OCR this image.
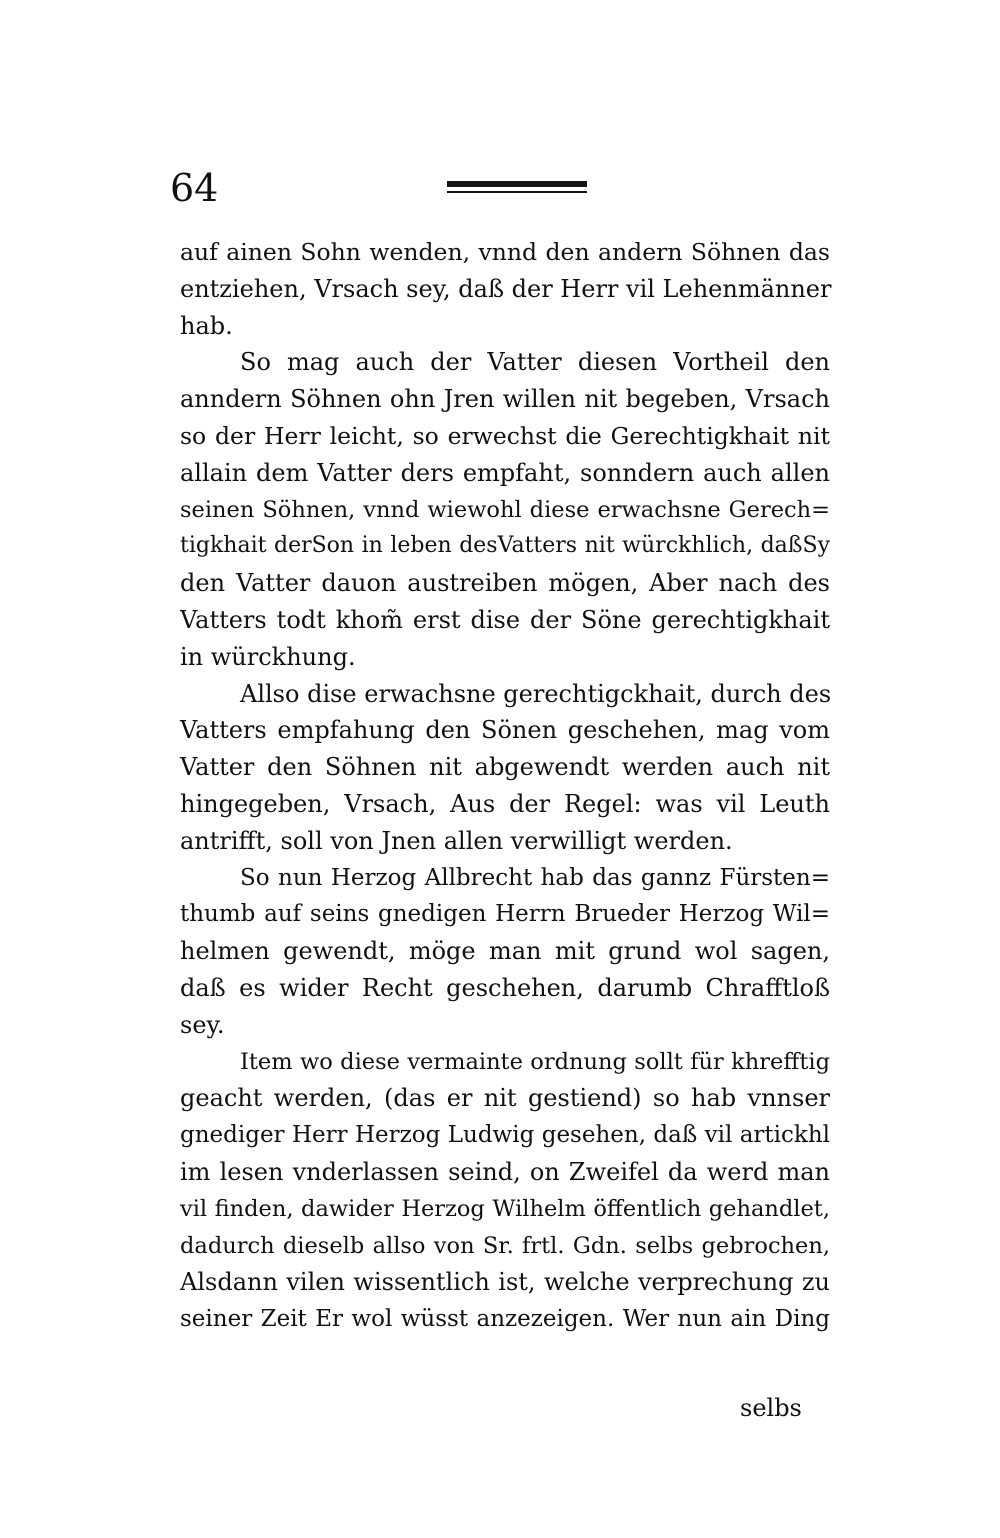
64
auf ainen Sohn wenden, vnnd den andern Söhnen das
entziehen, Vrsach sey, daß der Herr vil Lehenmänner
hab.
So mag auch der Vatter diesen Vortheil den
anndern Söhnen ohn Jren willen nit begeben, Vrsach
so der Herr leicht, so erwechst die Gerechtigkhait nit
allain dem Vatter ders empfaht, sonndern auch allen
seinen Söhnen, vnnd wiewohl diese erwachsne Gerech=
tigkhait derSon in leben desVatters nit würckhlich, daßSy
den Vatter dauon austreiben mögen, Aber nach des
Vatters todt khom̃ erst dise der Söne gerechtigkhait
in würckhung.
Allso dise erwachsne gerechtigckhait, durch des
Vatters empfahung den Sönen geschehen, mag vom
Vatter den Söhnen nit abgewendt werden auch nit
hingegeben, Vrsach, Aus der Regel: was vil Leuth
antrifft, soll von Jnen allen verwilligt werden.
So nun Herzog Allbrecht hab das gannz Fürsten=
thumb auf seins gnedigen Herrn Brueder Herzog Wil=
helmen gewendt, möge man mit grund wol sagen,
daß es wider Recht geschehen, darumb Chrafftloß
sey.
Item wo diese vermainte ordnung sollt für khrefftig
geacht werden, (das er nit gestiend) so hab vnnser
gnediger Herr Herzog Ludwig gesehen, daß vil artickhl
im lesen vnderlassen seind, on Zweifel da werd man
vil finden, dawider Herzog Wilhelm öffentlich gehandlet,
dadurch dieselb allso von Sr. frtl. Gdn. selbs gebrochen,
Alsdann vilen wissentlich ist, welche verprechung zu
seiner Zeit Er wol wüsst anzezeigen. Wer nun ain Ding
selbs
